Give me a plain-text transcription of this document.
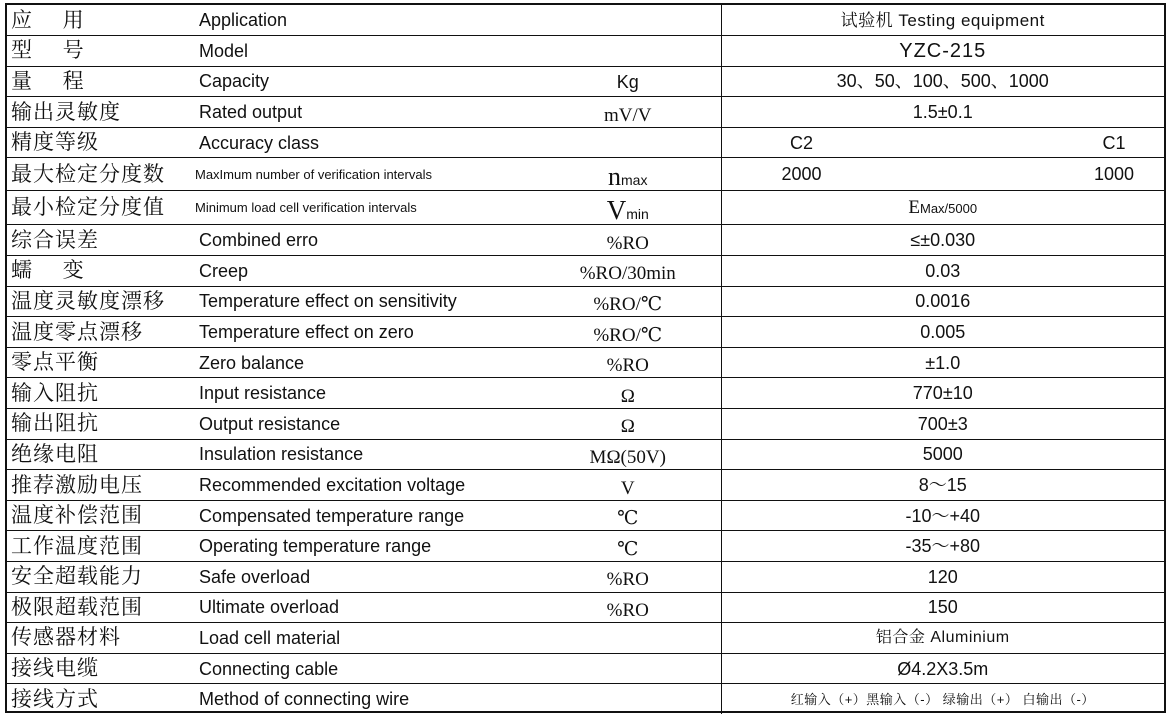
应 用	Application		试验机 Testing equipment
型 号	Model		YZC-215
量 程	Capacity	Kg	30、50、100、500、1000
输出灵敏度	Rated output	mV/V	1.5±0.1
精度等级	Accuracy class		C2 C1

最大检定分度数	MaxImum number of verification intervals	nmax	2000 1000

最小检定分度值	Minimum load cell verification intervals	Vmin	EMax/5000
综合误差	Combined erro	%RO	≤±0.030
蠕 变	Creep	%RO/30min	0.03
温度灵敏度漂移	Temperature effect on sensitivity	%RO/℃	0.0016
温度零点漂移	Temperature effect on zero	%RO/℃	0.005
零点平衡	Zero balance	%RO	±1.0
输入阻抗	Input resistance	Ω	770±10
输出阻抗	Output resistance	Ω	700±3
绝缘电阻	Insulation resistance	MΩ(50V)	5000
推荐激励电压	Recommended excitation voltage	V	8～15
温度补偿范围	Compensated temperature range	℃	-10～+40
工作温度范围	Operating temperature range	℃	-35～+80
安全超载能力	Safe overload	%RO	120
极限超载范围	Ultimate overload	%RO	150
传感器材料	Load cell material		铝合金 Aluminium
接线电缆	Connecting cable		Ø4.2X3.5m
接线方式	Method of connecting wire		红输入（+）黑输入（-） 绿输出（+） 白输出（-）
